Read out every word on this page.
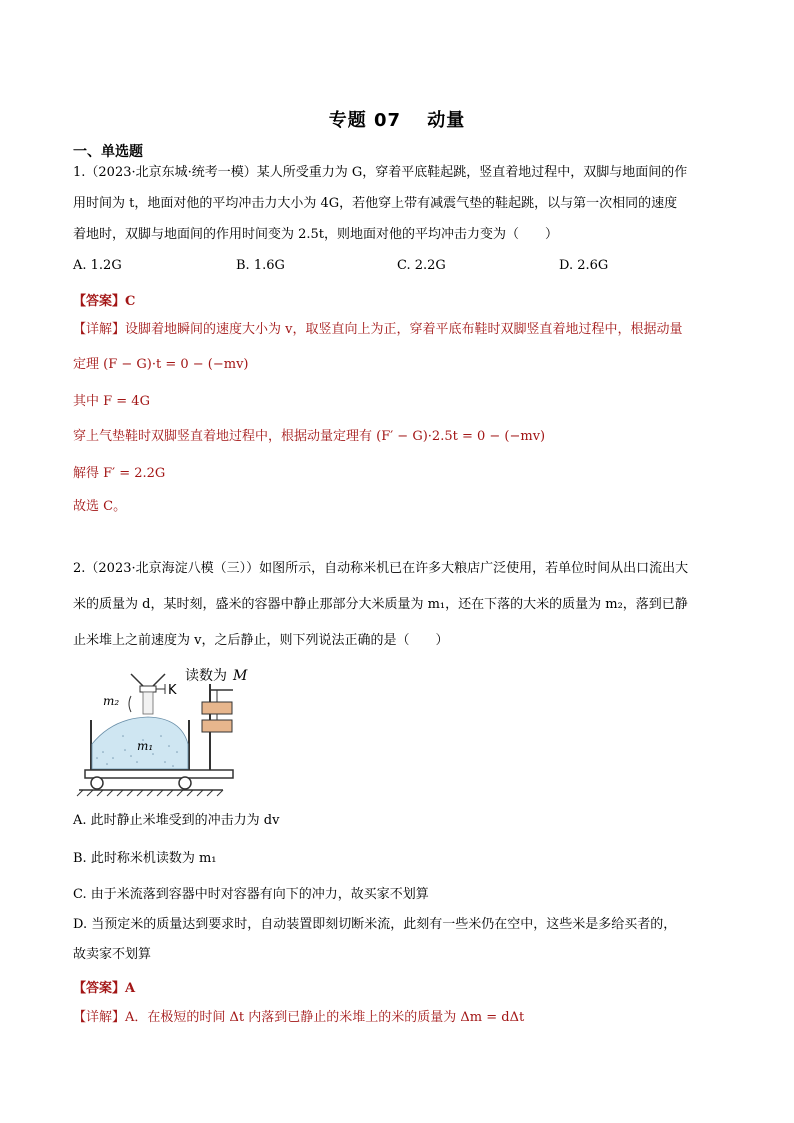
专题 07　 动量
一、单选题
1.（2023·北京东城·统考一模）某人所受重力为 G，穿着平底鞋起跳，竖直着地过程中，双脚与地面间的作
用时间为 t，地面对他的平均冲击力大小为 4G，若他穿上带有减震气垫的鞋起跳，以与第一次相同的速度
着地时，双脚与地面间的作用时间变为 2.5t，则地面对他的平均冲击力变为（　　）
A. 1.2G	B. 1.6G	C. 2.2G	D. 2.6G
【答案】C
【详解】设脚着地瞬间的速度大小为 v，取竖直向上为正，穿着平底布鞋时双脚竖直着地过程中，根据动量
定理 (F − G)·t = 0 − (−mv)
其中 F = 4G
穿上气垫鞋时双脚竖直着地过程中，根据动量定理有 (F′ − G)·2.5t = 0 − (−mv)
解得 F′ = 2.2G
故选 C。
2.（2023·北京海淀八模（三））如图所示，自动称米机已在许多大粮店广泛使用，若单位时间从出口流出大
米的质量为 d，某时刻，盛米的容器中静止那部分大米质量为 m₁，还在下落的大米的质量为 m₂，落到已静
止米堆上之前速度为 v，之后静止，则下列说法正确的是（　　）
读数为 M
K
m₂
m₁
A. 此时静止米堆受到的冲击力为 dv
B. 此时称米机读数为 m₁
C. 由于米流落到容器中时对容器有向下的冲力，故买家不划算
D. 当预定米的质量达到要求时，自动装置即刻切断米流，此刻有一些米仍在空中，这些米是多给买者的，
故卖家不划算
【答案】A
【详解】A．在极短的时间 Δt 内落到已静止的米堆上的米的质量为 Δm = dΔt
